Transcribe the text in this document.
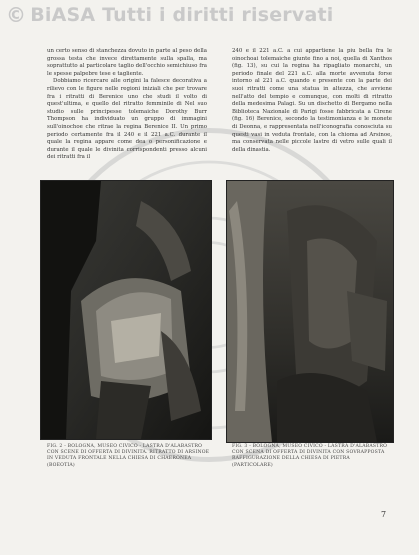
© BiASA Tutti i diritti riservati

un certo senso di stanchezza dovuto in parte al peso della grossa testa che invece direttamente sulla spalla, ma soprattutto al particolare taglio dell'occhio semichiuso fra le spesse palpebre tese e tagliente.

Dobbiamo ricercare alle origini la falesce decorativa a rilievo con le figure nelle regioni iniziali che per trovare fra i ritratti di Berenice uno che studi il volto di quest'ultima, e quello del ritratto femminile di Nel suo studio sulle principesse tolemaiche Dorothy Burr Thompson ha individuato un gruppo di immagini sull'oinochoe che ritrae la regina Berenice II. Un primo periodo certamente fra il 240 e il 221 a.C. durante il quale la regina appare come dea o personificazione e durante il quale le divinita corrispondenti presso alcuni dei ritratti fra il

240 e il 221 a.C. a cui appartiene la piu bella fra le oinochoai tolemaiche giunte fino a noi, quella di Xanthos (fig. 13), su cui la regina ha ripagliato monarchi, un periodo finale del 221 a.C. alla morte avvenuta forse intorno al 221 a.C. quando e presente con la parte dei suoi ritratti come una statua in altezza, che avviene nell'atto del tempio e comunque, con molti di ritratto della medesima Palagi. Su un dischetto di Bergamo nella Biblioteca Nazionale di Parigi fosse fabbricata a Cirene (fig. 16) Berenice, secondo la testimonianza e le monete di Deonna, e rappresentata nell'iconografia conosciuta su questi vasi in veduta frontale, con la chioma ad Arsinoe, ma conservata nelle piccole lastre di vetro sulle quali il della dinastia.

FIG. 2 - BOLOGNA, MUSEO CIVICO - LASTRA D'ALABASTRO CON SCENE DI OFFERTA DI DIVINITA. RITRATTO DI ARSINOE IN VEDUTA FRONTALE NELLA CHIESA DI CHAERONEA (BOEOTIA)
FIG. 3 - BOLOGNA, MUSEO CIVICO - LASTRA D'ALABASTRO CON SCENA DI OFFERTA DI DIVINITA CON SOVRAPPOSTA RAFFIGURAZIONE DELLA CHIESA DI PIETRA (PARTICOLARE)
7
